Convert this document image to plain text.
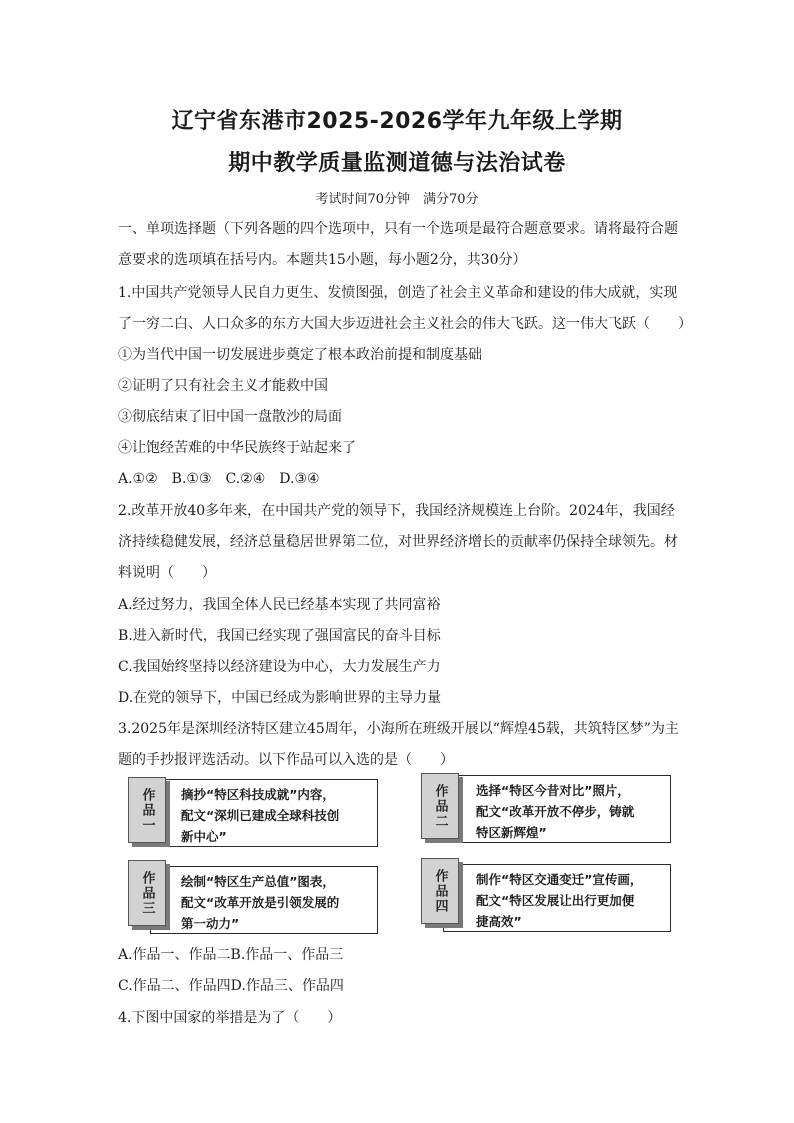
辽宁省东港市2025-2026学年九年级上学期
期中教学质量监测道德与法治试卷
考试时间70分钟　满分70分
一、单项选择题（下列各题的四个选项中，只有一个选项是最符合题意要求。请将最符合题
意要求的选项填在括号内。本题共15小题，每小题2分，共30分）
1.中国共产党领导人民自力更生、发愤图强，创造了社会主义革命和建设的伟大成就，实现
了一穷二白、人口众多的东方大国大步迈进社会主义社会的伟大飞跃。这一伟大飞跃（　　）
①为当代中国一切发展进步奠定了根本政治前提和制度基础
②证明了只有社会主义才能救中国
③彻底结束了旧中国一盘散沙的局面
④让饱经苦难的中华民族终于站起来了
A.①②　B.①③　C.②④　D.③④
2.改革开放40多年来，在中国共产党的领导下，我国经济规模连上台阶。2024年，我国经
济持续稳健发展，经济总量稳居世界第二位，对世界经济增长的贡献率仍保持全球领先。材
料说明（　　）
A.经过努力，我国全体人民已经基本实现了共同富裕
B.进入新时代，我国已经实现了强国富民的奋斗目标
C.我国始终坚持以经济建设为中心，大力发展生产力
D.在党的领导下，中国已经成为影响世界的主导力量
3.2025年是深圳经济特区建立45周年，小海所在班级开展以“辉煌45载，共筑特区梦”为主
题的手抄报评选活动。以下作品可以入选的是（　　）
作品一	摘抄“特区科技成就”内容，
配文“深圳已建成全球科技创
新中心”
作品二	选择“特区今昔对比”照片，
配文“改革开放不停步，铸就
特区新辉煌”
作品三	绘制“特区生产总值”图表，
配文“改革开放是引领发展的
第一动力”
作品四	制作“特区交通变迁”宣传画，
配文“特区发展让出行更加便
捷高效”
A.作品一、作品二B.作品一、作品三
C.作品二、作品四D.作品三、作品四
4.下图中国家的举措是为了（　　）
